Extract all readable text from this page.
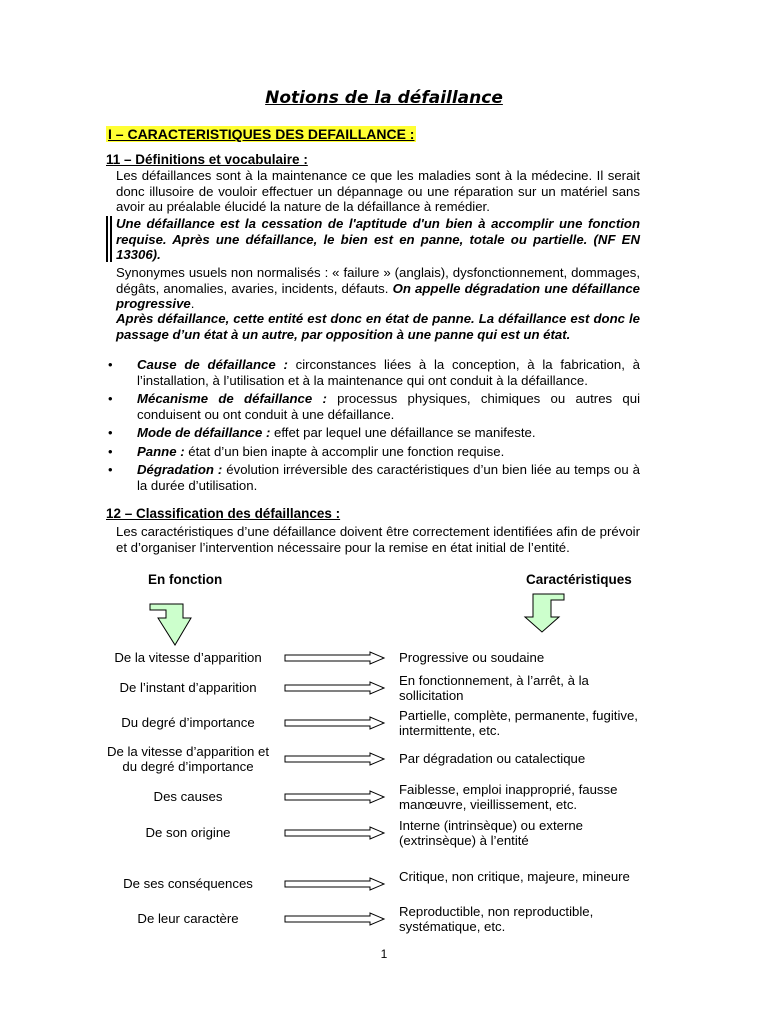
Notions de la défaillance
I – CARACTERISTIQUES DES DEFAILLANCE :
11 – Définitions et vocabulaire :
Les défaillances sont à la maintenance ce que les maladies sont à la médecine. Il serait donc illusoire de vouloir effectuer un dépannage ou une réparation sur un matériel sans avoir au préalable élucidé la nature de la défaillance à remédier.
Une défaillance est la cessation de l'aptitude d'un bien à accomplir une fonction requise. Après une défaillance, le bien est en panne, totale ou partielle. (NF EN 13306).
Synonymes usuels non normalisés : « failure » (anglais), dysfonctionnement, dommages, dégâts, anomalies, avaries, incidents, défauts. On appelle dégradation une défaillance progressive.
Après défaillance, cette entité est donc en état de panne. La défaillance est donc le passage d’un état à un autre, par opposition à une panne qui est un état.
• Cause de défaillance : circonstances liées à la conception, à la fabrication, à l’installation, à l’utilisation et à la maintenance qui ont conduit à la défaillance.
• Mécanisme de défaillance : processus physiques, chimiques ou autres qui conduisent ou ont conduit à une défaillance.
• Mode de défaillance : effet par lequel une défaillance se manifeste.
• Panne : état d’un bien inapte à accomplir une fonction requise.
• Dégradation : évolution irréversible des caractéristiques d’un bien liée au temps ou à la durée d’utilisation.
12 – Classification des défaillances :
Les caractéristiques d’une défaillance doivent être correctement identifiées afin de prévoir et d’organiser l’intervention nécessaire pour la remise en état initial de l’entité.
En fonction	Caractéristiques
De la vitesse d’apparition	Progressive ou soudaine
De l’instant d’apparition
En fonctionnement, à l’arrêt, à la sollicitation
Du degré d’importance
Partielle, complète, permanente, fugitive, intermittente, etc.
De la vitesse d’apparition et du degré d’importance
Par dégradation ou catalectique
Des causes
Faiblesse, emploi inapproprié, fausse manœuvre, vieillissement, etc.
De son origine
Interne (intrinsèque) ou externe (extrinsèque) à l’entité
De ses conséquences
Critique, non critique, majeure, mineure
De leur caractère
Reproductible, non reproductible, systématique, etc.
1
